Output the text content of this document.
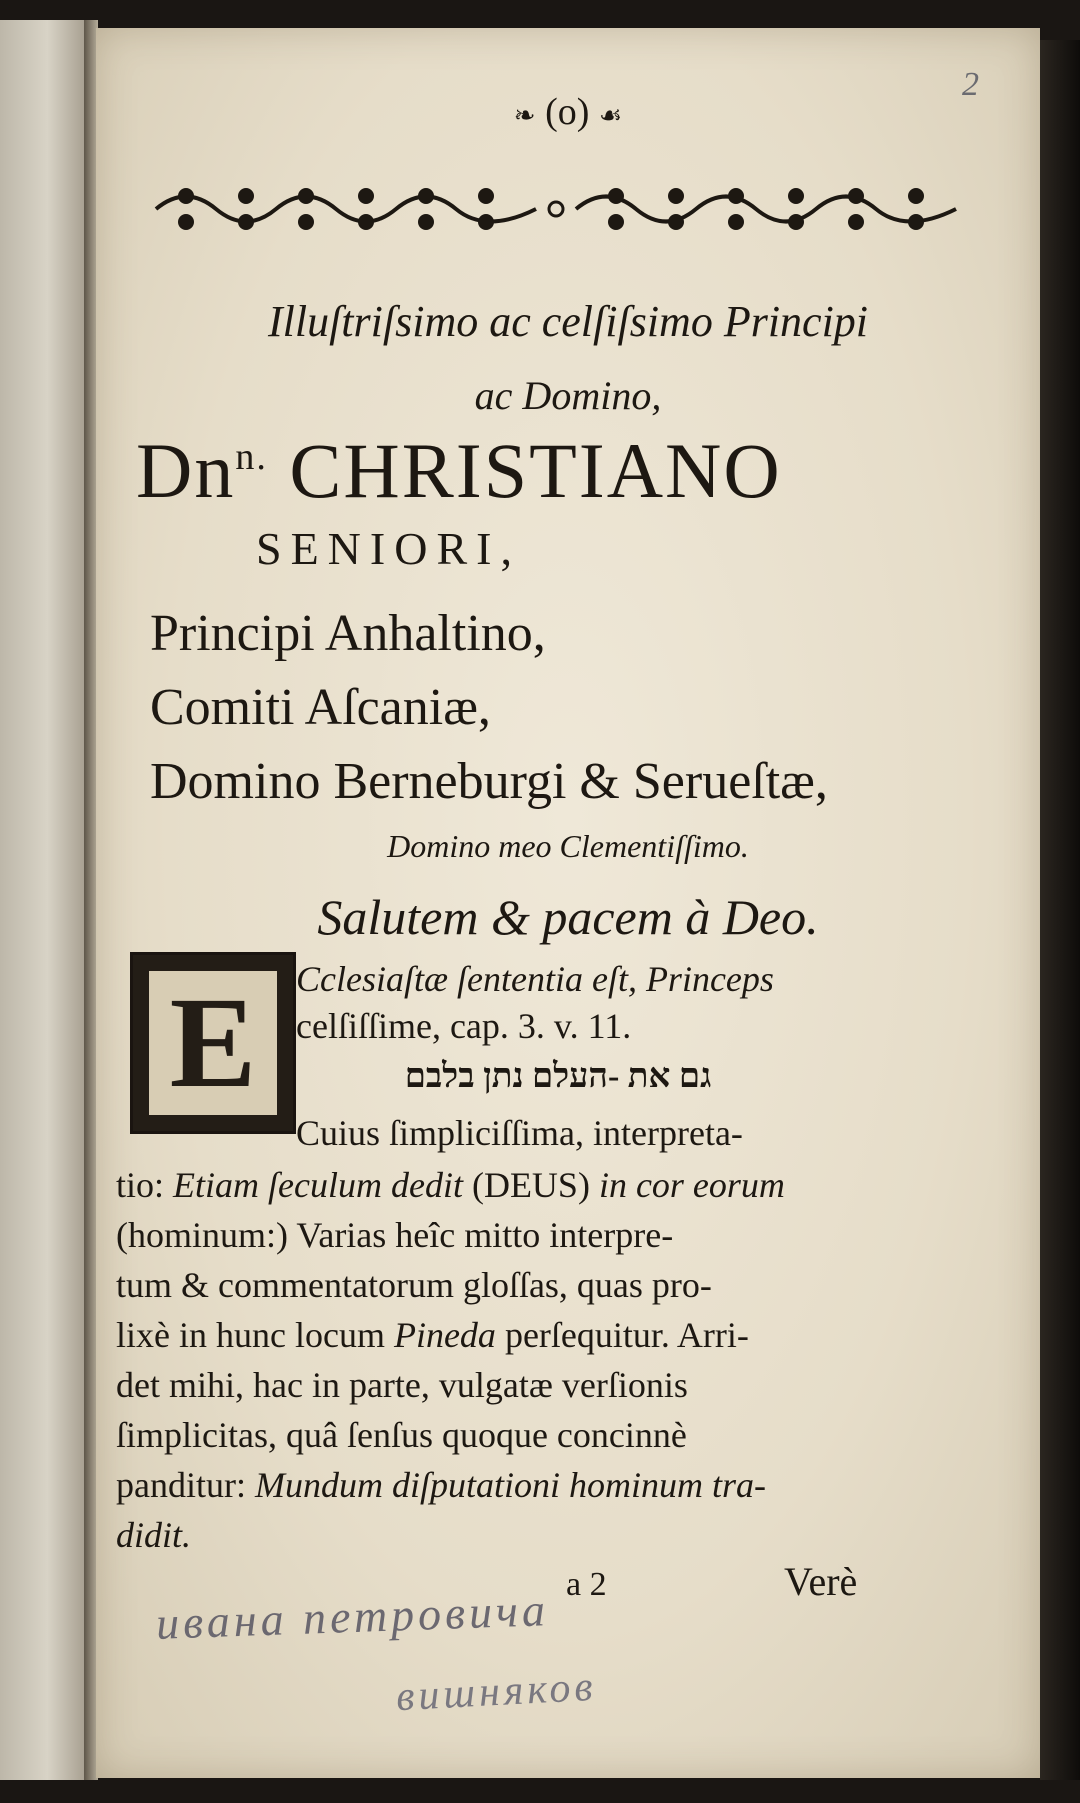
❧ (o) ☙
2
Illuſtriſsimo ac celſiſsimo Principi
ac Domino,
$Dn^{n.}$ CHRISTIANO
SENIORI,
Principi Anhaltino,
Comiti Aſcaniæ,
Domino Berneburgi & Serueſtæ,
Domino meo Clementiſſimo.
Salutem & pacem à Deo.
E	Cclesiaſtæ ſententia eſt, Princeps
celſiſſime, cap. 3. v. 11.
גם את -העלם נתן בלבם
Cuius ſimpliciſſima, interpreta-
tio: Etiam ſeculum dedit (DEUS) in cor eorum
(hominum:) Varias heîc mitto interpre-
tum & commentatorum gloſſas, quas pro-
lixè in hunc locum Pineda perſequitur. Arri-
det mihi, hac in parte, vulgatæ verſionis
ſimplicitas, quâ ſenſus quoque concinnè
panditur: Mundum diſputationi hominum tra-
didit.
a 2	Verè
ивана петровича
вишняков
